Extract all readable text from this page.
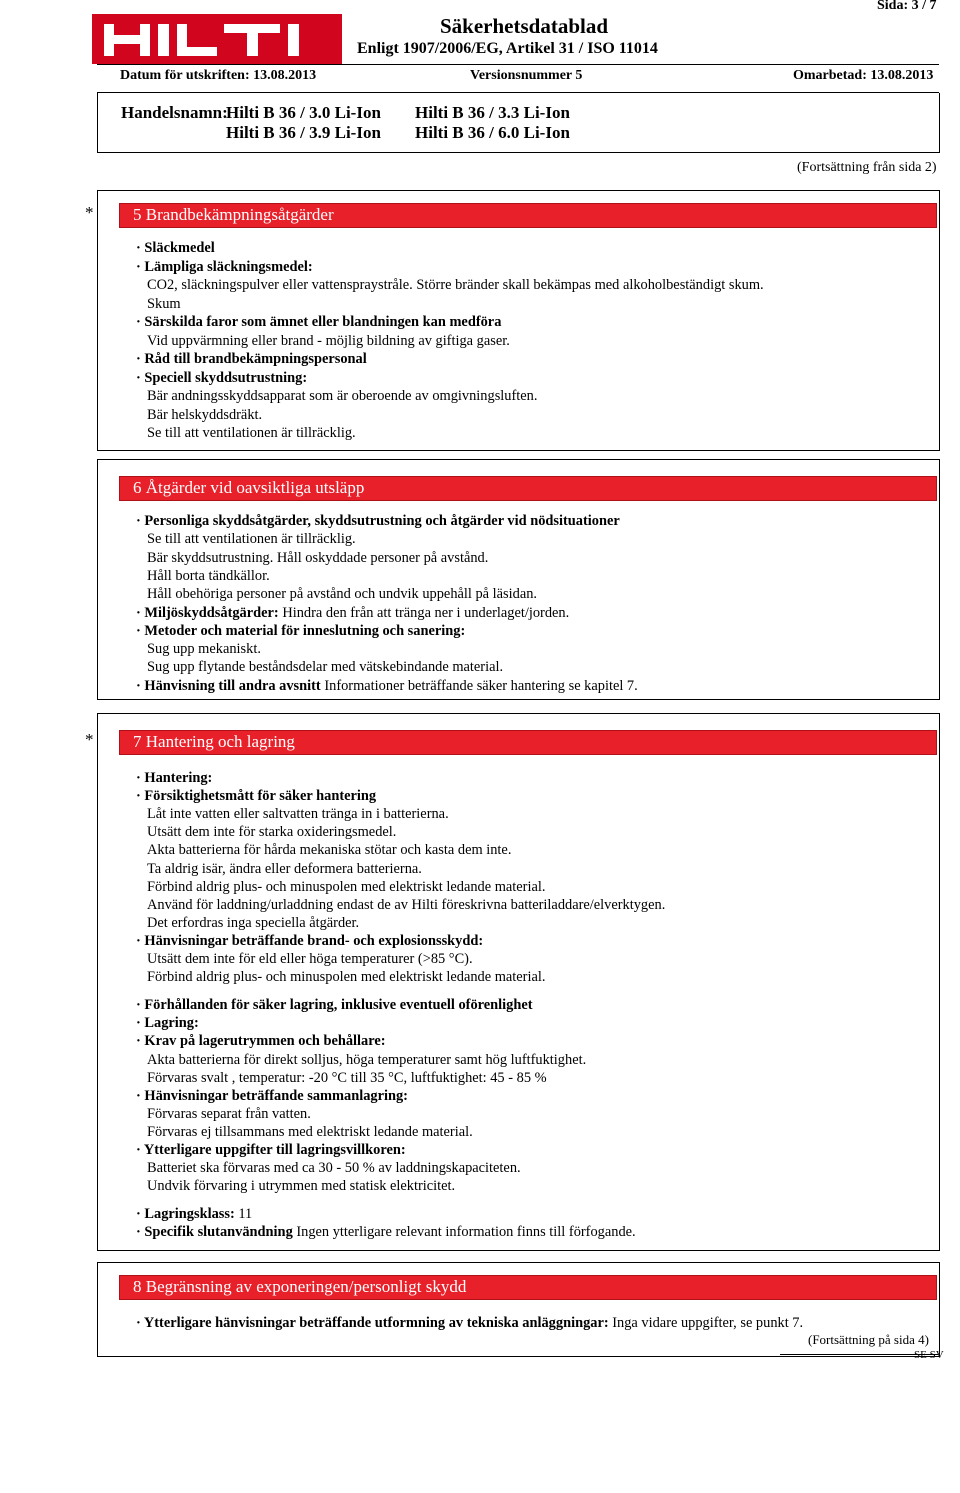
Säkerhetsdatablad
Enligt 1907/2006/EG, Artikel 31 / ISO 11014
Sida: 3 / 7
Datum för utskriften: 13.08.2013	Versionsnummer 5	Omarbetad: 13.08.2013
Handelsnamn:
Hilti B 36 / 3.0 Li-Ion Hilti B 36 / 3.3 Li-Ion
Hilti B 36 / 3.9 Li-Ion Hilti B 36 / 6.0 Li-Ion
(Fortsättning från sida 2)
* 5 Brandbekämpningsåtgärder
· Släckmedel
· Lämpliga släckningsmedel:
CO2, släckningspulver eller vattenspraystråle. Större bränder skall bekämpas med alkoholbeständigt skum.
Skum
· Särskilda faror som ämnet eller blandningen kan medföra
Vid uppvärmning eller brand - möjlig bildning av giftiga gaser.
· Råd till brandbekämpningspersonal
· Speciell skyddsutrustning:
Bär andningsskyddsapparat som är oberoende av omgivningsluften.
Bär helskyddsdräkt.
Se till att ventilationen är tillräcklig.
6 Åtgärder vid oavsiktliga utsläpp
· Personliga skyddsåtgärder, skyddsutrustning och åtgärder vid nödsituationer
Se till att ventilationen är tillräcklig.
Bär skyddsutrustning. Håll oskyddade personer på avstånd.
Håll borta tändkällor.
Håll obehöriga personer på avstånd och undvik uppehåll på läsidan.
· Miljöskyddsåtgärder: Hindra den från att tränga ner i underlaget/jorden.
· Metoder och material för inneslutning och sanering:
Sug upp mekaniskt.
Sug upp flytande beståndsdelar med vätskebindande material.
· Hänvisning till andra avsnitt Informationer beträffande säker hantering se kapitel 7.
* 7 Hantering och lagring
· Hantering:
· Försiktighetsmått för säker hantering
Låt inte vatten eller saltvatten tränga in i batterierna.
Utsätt dem inte för starka oxideringsmedel.
Akta batterierna för hårda mekaniska stötar och kasta dem inte.
Ta aldrig isär, ändra eller deformera batterierna.
Förbind aldrig plus- och minuspolen med elektriskt ledande material.
Använd för laddning/urladdning endast de av Hilti föreskrivna batteriladdare/elverktygen.
Det erfordras inga speciella åtgärder.
· Hänvisningar beträffande brand- och explosionsskydd:
Utsätt dem inte för eld eller höga temperaturer (>85 °C).
Förbind aldrig plus- och minuspolen med elektriskt ledande material.
· Förhållanden för säker lagring, inklusive eventuell oförenlighet
· Lagring:
· Krav på lagerutrymmen och behållare:
Akta batterierna för direkt solljus, höga temperaturer samt hög luftfuktighet.
Förvaras svalt , temperatur: -20 °C till 35 °C, luftfuktighet: 45 - 85 %
· Hänvisningar beträffande sammanlagring:
Förvaras separat från vatten.
Förvaras ej tillsammans med elektriskt ledande material.
· Ytterligare uppgifter till lagringsvillkoren:
Batteriet ska förvaras med ca 30 - 50 % av laddningskapaciteten.
Undvik förvaring i utrymmen med statisk elektricitet.
· Lagringsklass: 11
· Specifik slutanvändning Ingen ytterligare relevant information finns till förfogande.
8 Begränsning av exponeringen/personligt skydd
· Ytterligare hänvisningar beträffande utformning av tekniska anläggningar: Inga vidare uppgifter, se punkt 7.
(Fortsättning på sida 4)
SE SV
